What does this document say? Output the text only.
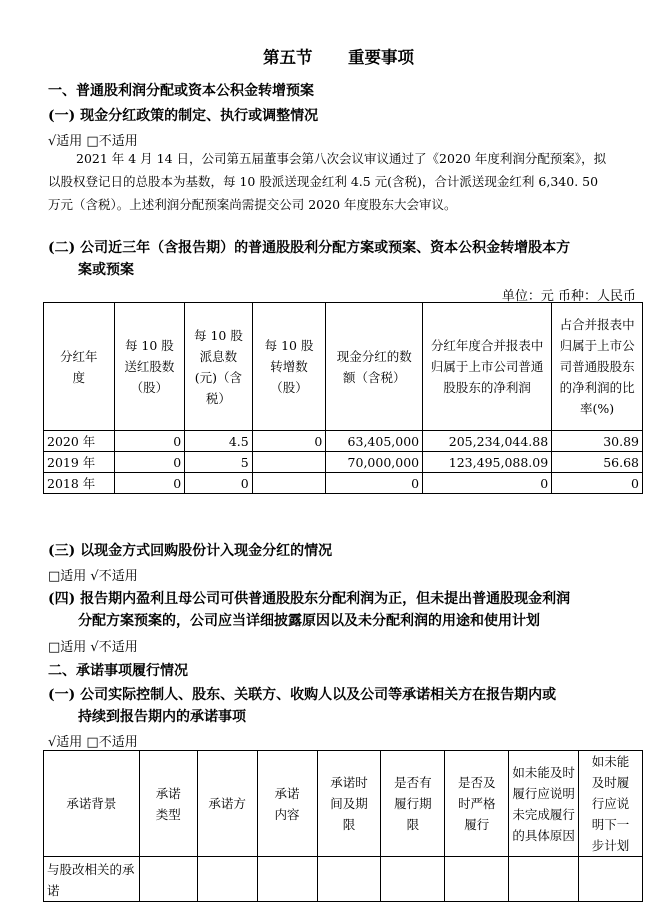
第五节 重要事项
一、普通股利润分配或资本公积金转增预案
(一) 现金分红政策的制定、执行或调整情况
√适用 □不适用
2021 年 4 月 14 日，公司第五届董事会第八次会议审议通过了《2020 年度利润分配预案》，拟
以股权登记日的总股本为基数，每 10 股派送现金红利 4.5 元(含税)，合计派送现金红利 6,340. 50
万元（含税）。上述利润分配预案尚需提交公司 2020 年度股东大会审议。
(二) 公司近三年（含报告期）的普通股股利分配方案或预案、资本公积金转增股本方
案或预案
单位：元 币种：人民币
分红年度	每 10 股送红股数（股）	每 10 股派息数(元)（含税）	每 10 股转增数（股）	现金分红的数额（含税）	分红年度合并报表中归属于上市公司普通股股东的净利润	占合并报表中归属于上市公司普通股股东的净利润的比率(%)
2020 年	0	4.5	0	63,405,000	205,234,044.88	30.89
2019 年	0	5		70,000,000	123,495,088.09	56.68
2018 年	0	0		0	0	0
(三) 以现金方式回购股份计入现金分红的情况
□适用 √不适用
(四) 报告期内盈利且母公司可供普通股股东分配利润为正，但未提出普通股现金利润
分配方案预案的，公司应当详细披露原因以及未分配利润的用途和使用计划
□适用 √不适用
二、承诺事项履行情况
(一) 公司实际控制人、股东、关联方、收购人以及公司等承诺相关方在报告期内或
持续到报告期内的承诺事项
√适用 □不适用
承诺背景	承诺类型	承诺方	承诺内容	承诺时间及期限	是否有履行期限	是否及时严格履行	如未能及时履行应说明未完成履行的具体原因	如未能及时履行应说明下一步计划
与股改相关的承诺								
